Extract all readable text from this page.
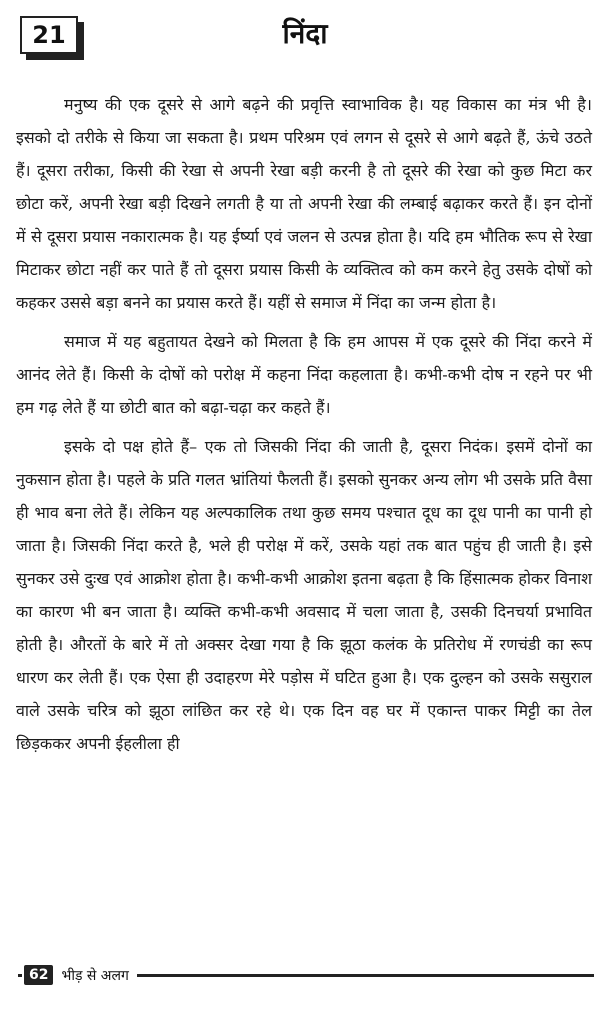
21	निंदा

मनुष्य की एक दूसरे से आगे बढ़ने की प्रवृत्ति स्वाभाविक है। यह विकास का मंत्र भी है। इसको दो तरीके से किया जा सकता है। प्रथम परिश्रम एवं लगन से दूसरे से आगे बढ़ते हैं, ऊंचे उठते हैं। दूसरा तरीका, किसी की रेखा से अपनी रेखा बड़ी करनी है तो दूसरे की रेखा को कुछ मिटा कर छोटा करें, अपनी रेखा बड़ी दिखने लगती है या तो अपनी रेखा की लम्बाई बढ़ाकर करते हैं। इन दोनों में से दूसरा प्रयास नकारात्मक है। यह ईर्ष्या एवं जलन से उत्पन्न होता है। यदि हम भौतिक रूप से रेखा मिटाकर छोटा नहीं कर पाते हैं तो दूसरा प्रयास किसी के व्यक्तित्व को कम करने हेतु उसके दोषों को कहकर उससे बड़ा बनने का प्रयास करते हैं। यहीं से समाज में निंदा का जन्म होता है।

समाज में यह बहुतायत देखने को मिलता है कि हम आपस में एक दूसरे की निंदा करने में आनंद लेते हैं। किसी के दोषों को परोक्ष में कहना निंदा कहलाता है। कभी-कभी दोष न रहने पर भी हम गढ़ लेते हैं या छोटी बात को बढ़ा-चढ़ा कर कहते हैं।

इसके दो पक्ष होते हैं– एक तो जिसकी निंदा की जाती है, दूसरा निदंक। इसमें दोनों का नुकसान होता है। पहले के प्रति गलत भ्रांतियां फैलती हैं। इसको सुनकर अन्य लोग भी उसके प्रति वैसा ही भाव बना लेते हैं। लेकिन यह अल्पकालिक तथा कुछ समय पश्चात दूध का दूध पानी का पानी हो जाता है। जिसकी निंदा करते है, भले ही परोक्ष में करें, उसके यहां तक बात पहुंच ही जाती है। इसे सुनकर उसे दुःख एवं आक्रोश होता है। कभी-कभी आक्रोश इतना बढ़ता है कि हिंसात्मक होकर विनाश का कारण भी बन जाता है। व्यक्ति कभी-कभी अवसाद में चला जाता है, उसकी दिनचर्या प्रभावित होती है। औरतों के बारे में तो अक्सर देखा गया है कि झूठा कलंक के प्रतिरोध में रणचंडी का रूप धारण कर लेती हैं। एक ऐसा ही उदाहरण मेरे पड़ोस में घटित हुआ है। एक दुल्हन को उसके ससुराल वाले उसके चरित्र को झूठा लांछित कर रहे थे। एक दिन वह घर में एकान्त पाकर मिट्टी का तेल छिड़ककर अपनी ईहलीला ही

62 भीड़ से अलग
